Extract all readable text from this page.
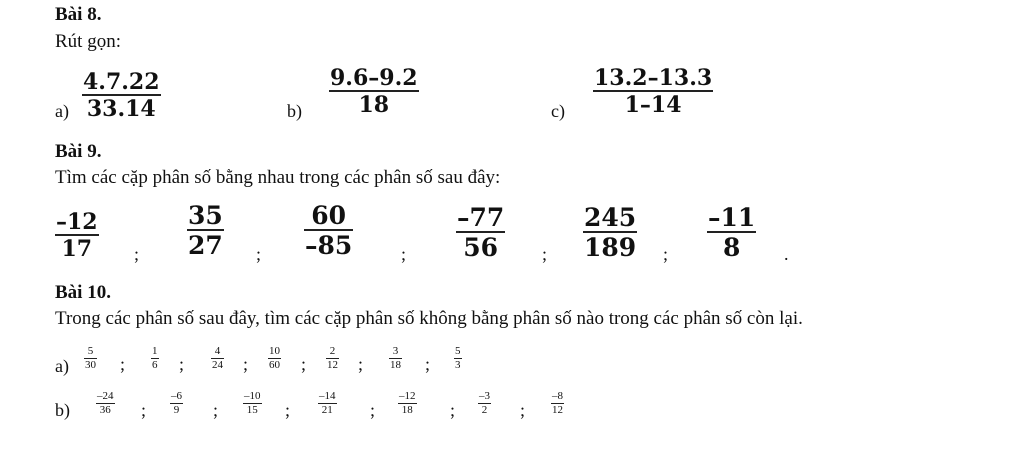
Bài 8.
Rút gọn:
a)
4.7.22
33.14	b)
9.6–9.2
18	c)
13.2–13.3
1–14
Bài 9.
Tìm các cặp phân số bằng nhau trong các phân số sau đây:
–12
17 ;
35
27 ;
60
–85	;
–77
56 ;
245
189 ;
–11
8 .
Bài 10.
Trong các phân số sau đây, tìm các cặp phân số không bằng phân số nào trong các phân số còn lại.
a)
5
30 ;
1
6 ;
4
24 ;
10
60 ;
2
12 ;
3
18 ;
5
3
b)
–24
36 ;
–6
9 ;
–10
15 ;
–14
21 ;
–12
18 ;
–3
2 ;
–8
12
